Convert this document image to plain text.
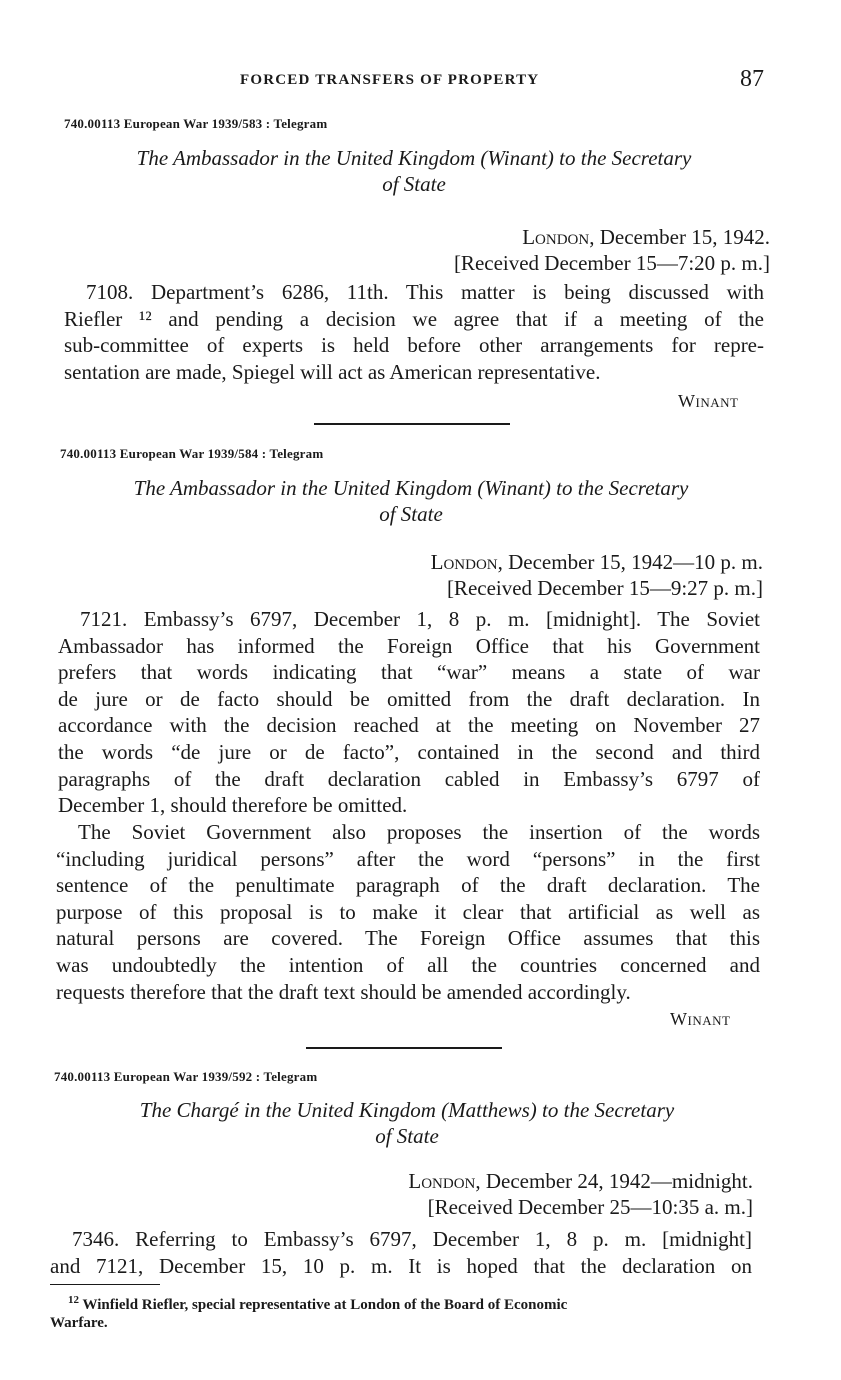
FORCED TRANSFERS OF PROPERTY	87
740.00113 European War 1939/583 : Telegram
The Ambassador in the United Kingdom (Winant) to the Secretary
of State
London, December 15, 1942.
[Received December 15—7:20 p. m.]
7108. Department’s 6286, 11th. This matter is being discussed with
Riefler ¹² and pending a decision we agree that if a meeting of the
sub-committee of experts is held before other arrangements for repre-
sentation are made, Spiegel will act as American representative.
Winant
740.00113 European War 1939/584 : Telegram
The Ambassador in the United Kingdom (Winant) to the Secretary
of State
London, December 15, 1942—10 p. m.
[Received December 15—9:27 p. m.]
7121. Embassy’s 6797, December 1, 8 p. m. [midnight]. The Soviet
Ambassador has informed the Foreign Office that his Government
prefers that words indicating that “war” means a state of war
de jure or de facto should be omitted from the draft declaration. In
accordance with the decision reached at the meeting on November 27
the words “de jure or de facto”, contained in the second and third
paragraphs of the draft declaration cabled in Embassy’s 6797 of
December 1, should therefore be omitted.
The Soviet Government also proposes the insertion of the words
“including juridical persons” after the word “persons” in the first
sentence of the penultimate paragraph of the draft declaration. The
purpose of this proposal is to make it clear that artificial as well as
natural persons are covered. The Foreign Office assumes that this
was undoubtedly the intention of all the countries concerned and
requests therefore that the draft text should be amended accordingly.
Winant
740.00113 European War 1939/592 : Telegram
The Chargé in the United Kingdom (Matthews) to the Secretary
of State
London, December 24, 1942—midnight.
[Received December 25—10:35 a. m.]
7346. Referring to Embassy’s 6797, December 1, 8 p. m. [midnight]
and 7121, December 15, 10 p. m. It is hoped that the declaration on
$^{12}$ Winfield Riefler, special representative at London of the Board of Economic
Warfare.
